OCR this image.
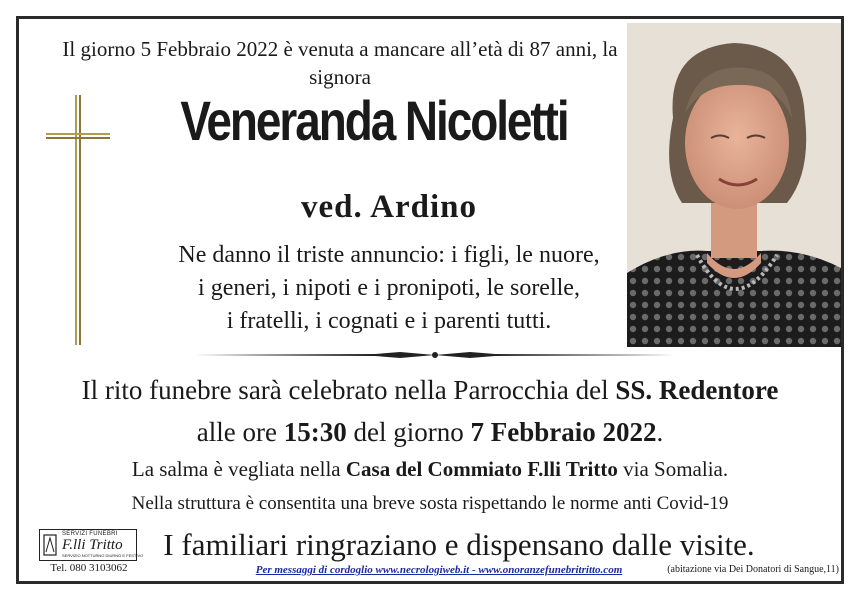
Il giorno 5 Febbraio 2022 è venuta a mancare all’età di 87 anni, la signora
Veneranda Nicoletti
ved. Ardino
Ne danno il triste annuncio: i figli, le nuore,
i generi, i nipoti e i pronipoti, le sorelle,
i fratelli, i cognati e i parenti tutti.
Il rito funebre sarà celebrato nella Parrocchia del SS. Redentore
alle ore 15:30 del giorno 7 Febbraio 2022.
La salma è vegliata nella Casa del Commiato F.lli Tritto via Somalia.
Nella struttura è consentita una breve sosta rispettando le norme anti Covid-19
I familiari ringraziano e dispensano dalle visite.
SERVIZI FUNEBRI
F.lli Tritto
SERVIZIO NOTTURNO DIURNO E FESTIVO
Tel. 080 3103062	Per messaggi di cordoglio www.necrologiweb.it - www.onoranzefunebritritto.com	(abitazione via Dei Donatori di Sangue,11)
